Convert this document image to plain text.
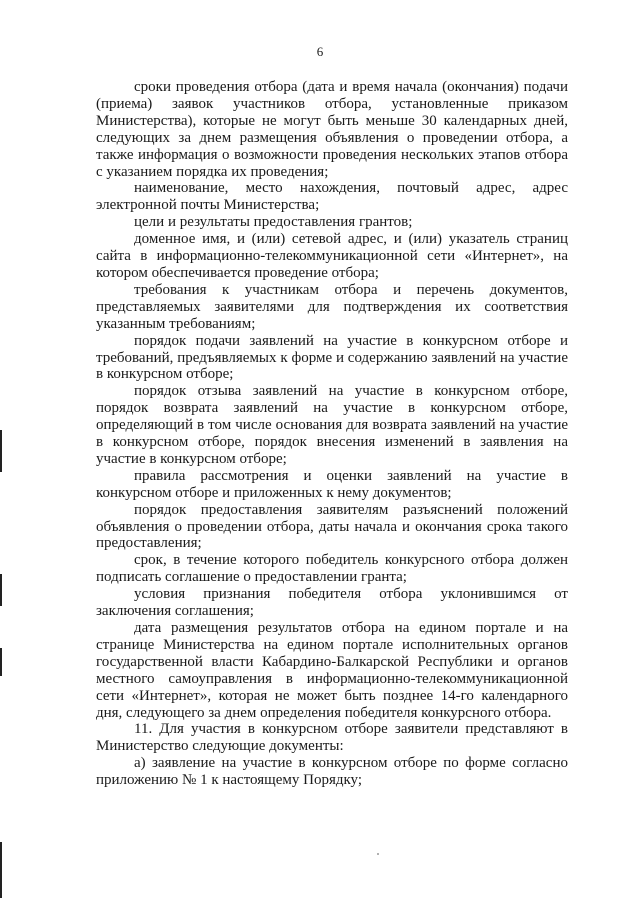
6

сроки проведения отбора (дата и время начала (окончания) подачи (приема) заявок участников отбора, установленные приказом Министерства), которые не могут быть меньше 30 календарных дней, следующих за днем размещения объявления о проведении отбора, а также информация о возможности проведения нескольких этапов отбора с указанием порядка их проведения;

наименование, место нахождения, почтовый адрес, адрес электронной почты Министерства;

цели и результаты предоставления грантов;

доменное имя, и (или) сетевой адрес, и (или) указатель страниц сайта в информационно-телекоммуникационной сети «Интернет», на котором обеспечивается проведение отбора;

требования к участникам отбора и перечень документов, представляемых заявителями для подтверждения их соответствия указанным требованиям;

порядок подачи заявлений на участие в конкурсном отборе и требований, предъявляемых к форме и содержанию заявлений на участие в конкурсном отборе;

порядок отзыва заявлений на участие в конкурсном отборе, порядок возврата заявлений на участие в конкурсном отборе, определяющий в том числе основания для возврата заявлений на участие в конкурсном отборе, порядок внесения изменений в заявления на участие в конкурсном отборе;

правила рассмотрения и оценки заявлений на участие в конкурсном отборе и приложенных к нему документов;

порядок предоставления заявителям разъяснений положений объявления о проведении отбора, даты начала и окончания срока такого предоставления;

срок, в течение которого победитель конкурсного отбора должен подписать соглашение о предоставлении гранта;

условия признания победителя отбора уклонившимся от заключения соглашения;

дата размещения результатов отбора на едином портале и на странице Министерства на едином портале исполнительных органов государственной власти Кабардино-Балкарской Республики и органов местного самоуправления в информационно-телекоммуникационной сети «Интернет», которая не может быть позднее 14-го календарного дня, следующего за днем определения победителя конкурсного отбора.

11. Для участия в конкурсном отборе заявители представляют в Министерство следующие документы:

а) заявление на участие в конкурсном отборе по форме согласно приложению № 1 к настоящему Порядку;
